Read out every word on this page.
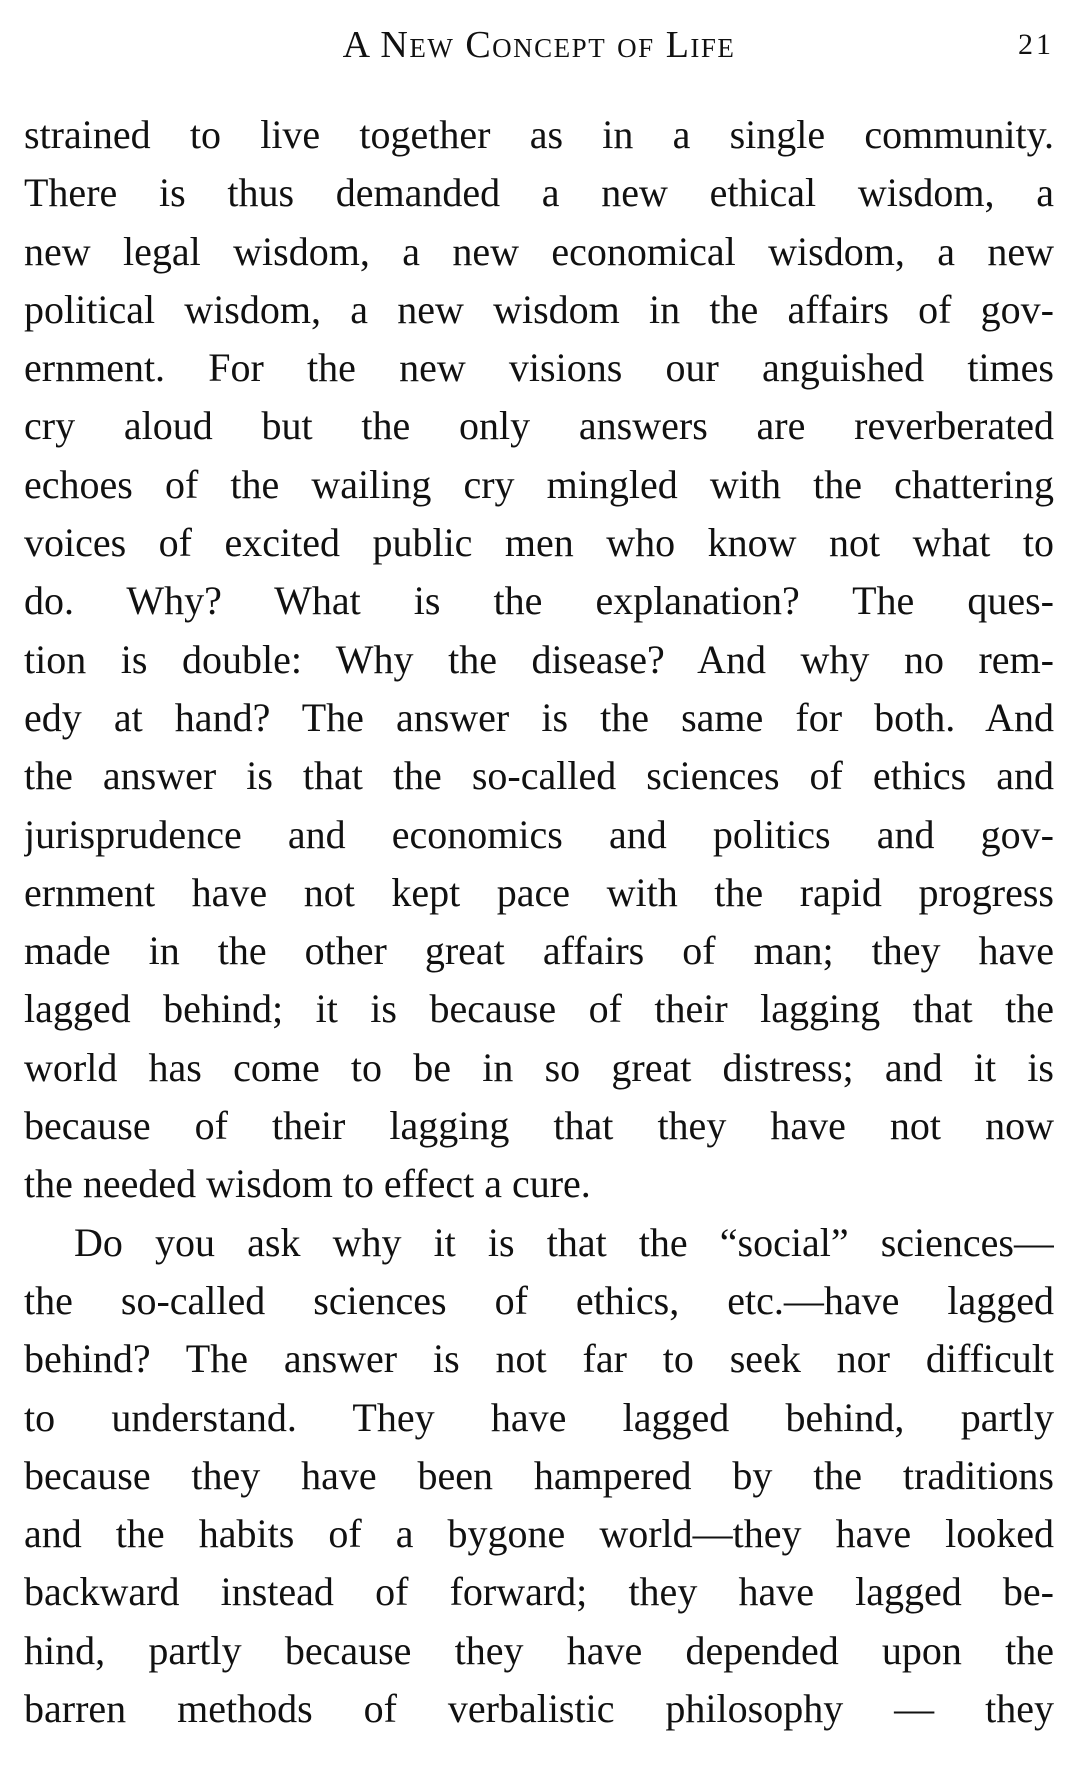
A New Concept of Life	21
strained to live together as in a single community.
There is thus demanded a new ethical wisdom, a
new legal wisdom, a new economical wisdom, a new
political wisdom, a new wisdom in the affairs of gov-
ernment. For the new visions our anguished times
cry aloud but the only answers are reverberated
echoes of the wailing cry mingled with the chattering
voices of excited public men who know not what to
do. Why? What is the explanation? The ques-
tion is double: Why the disease? And why no rem-
edy at hand? The answer is the same for both. And
the answer is that the so-called sciences of ethics and
jurisprudence and economics and politics and gov-
ernment have not kept pace with the rapid progress
made in the other great affairs of man; they have
lagged behind; it is because of their lagging that the
world has come to be in so great distress; and it is
because of their lagging that they have not now
the needed wisdom to effect a cure.
Do you ask why it is that the “social” sciences—
the so-called sciences of ethics, etc.—have lagged
behind? The answer is not far to seek nor difficult
to understand. They have lagged behind, partly
because they have been hampered by the traditions
and the habits of a bygone world—they have looked
backward instead of forward; they have lagged be-
hind, partly because they have depended upon the
barren methods of verbalistic philosophy — they
